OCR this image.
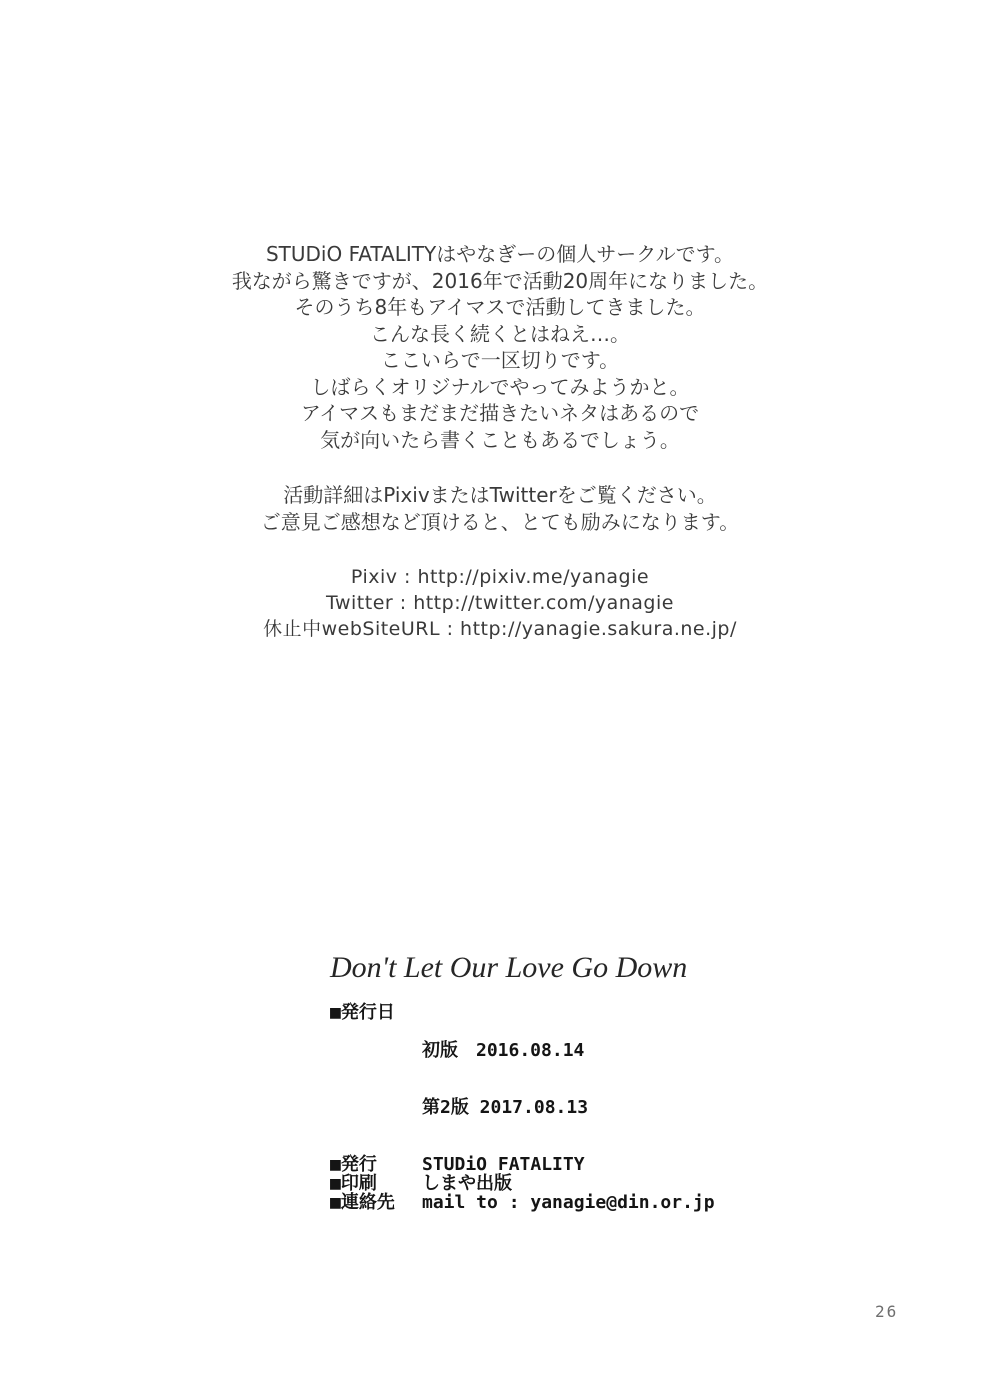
STUDiO FATALITYはやなぎーの個人サークルです。
我ながら驚きですが、2016年で活動20周年になりました。
そのうち8年もアイマスで活動してきました。
こんな長く続くとはねえ…。
ここいらで一区切りです。
しばらくオリジナルでやってみようかと。
アイマスもまだまだ描きたいネタはあるので
気が向いたら書くこともあるでしょう。
活動詳細はPixivまたはTwitterをご覧ください。
ご意見ご感想など頂けると、とても励みになります。
Pixiv : http://pixiv.me/yanagie
Twitter : http://twitter.com/yanagie
休止中webSiteURL : http://yanagie.sakura.ne.jp/
Don't Let Our Love Go Down
■発行日

初版　2016.08.14

第2版 2017.08.13

■発行	STUDiO FATALITY
■印刷	しまや出版
■連絡先	mail to : yanagie@din.or.jp
26
